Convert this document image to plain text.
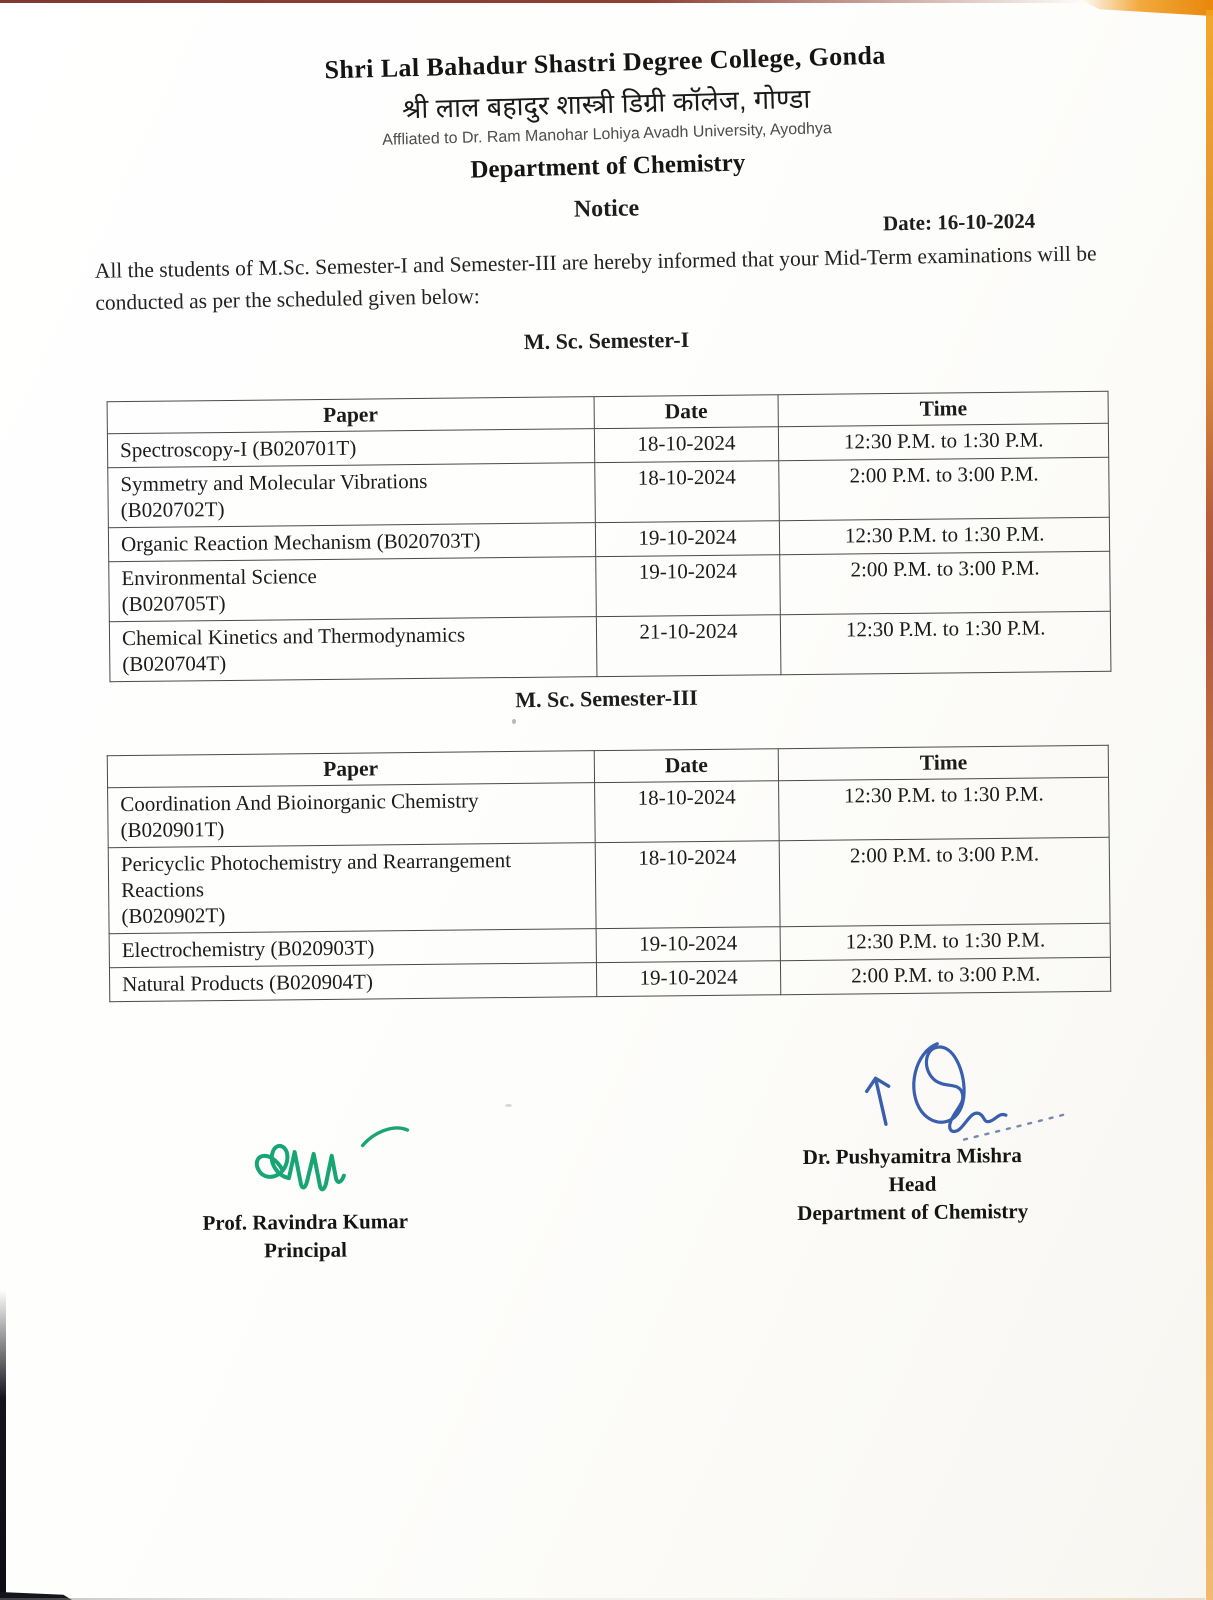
Shri Lal Bahadur Shastri Degree College, Gonda
श्री लाल बहादुर शास्त्री डिग्री कॉलेज, गोण्डा
Affliated to Dr. Ram Manohar Lohiya Avadh University, Ayodhya
Department of Chemistry
Notice	Date: 16-10-2024

All the students of M.Sc. Semester-I and Semester-III are hereby informed that your Mid-Term examinations will be conducted as per the scheduled given below:

M. Sc. Semester-I
Paper	Date	Time
Spectroscopy-I (B020701T)	18-10-2024	12:30 P.M. to 1:30 P.M.
Symmetry and Molecular Vibrations
(B020702T)	18-10-2024	2:00 P.M. to 3:00 P.M.
Organic Reaction Mechanism (B020703T)	19-10-2024	12:30 P.M. to 1:30 P.M.
Environmental Science
(B020705T)	19-10-2024	2:00 P.M. to 3:00 P.M.
Chemical Kinetics and Thermodynamics
(B020704T)	21-10-2024	12:30 P.M. to 1:30 P.M.
M. Sc. Semester-III
Paper	Date	Time
Coordination And Bioinorganic Chemistry
(B020901T)	18-10-2024	12:30 P.M. to 1:30 P.M.
Pericyclic Photochemistry and Rearrangement Reactions
(B020902T)	18-10-2024	2:00 P.M. to 3:00 P.M.
Electrochemistry (B020903T)	19-10-2024	12:30 P.M. to 1:30 P.M.
Natural Products (B020904T)	19-10-2024	2:00 P.M. to 3:00 P.M.
Prof. Ravindra Kumar
Principal
Dr. Pushyamitra Mishra
Head
Department of Chemistry
